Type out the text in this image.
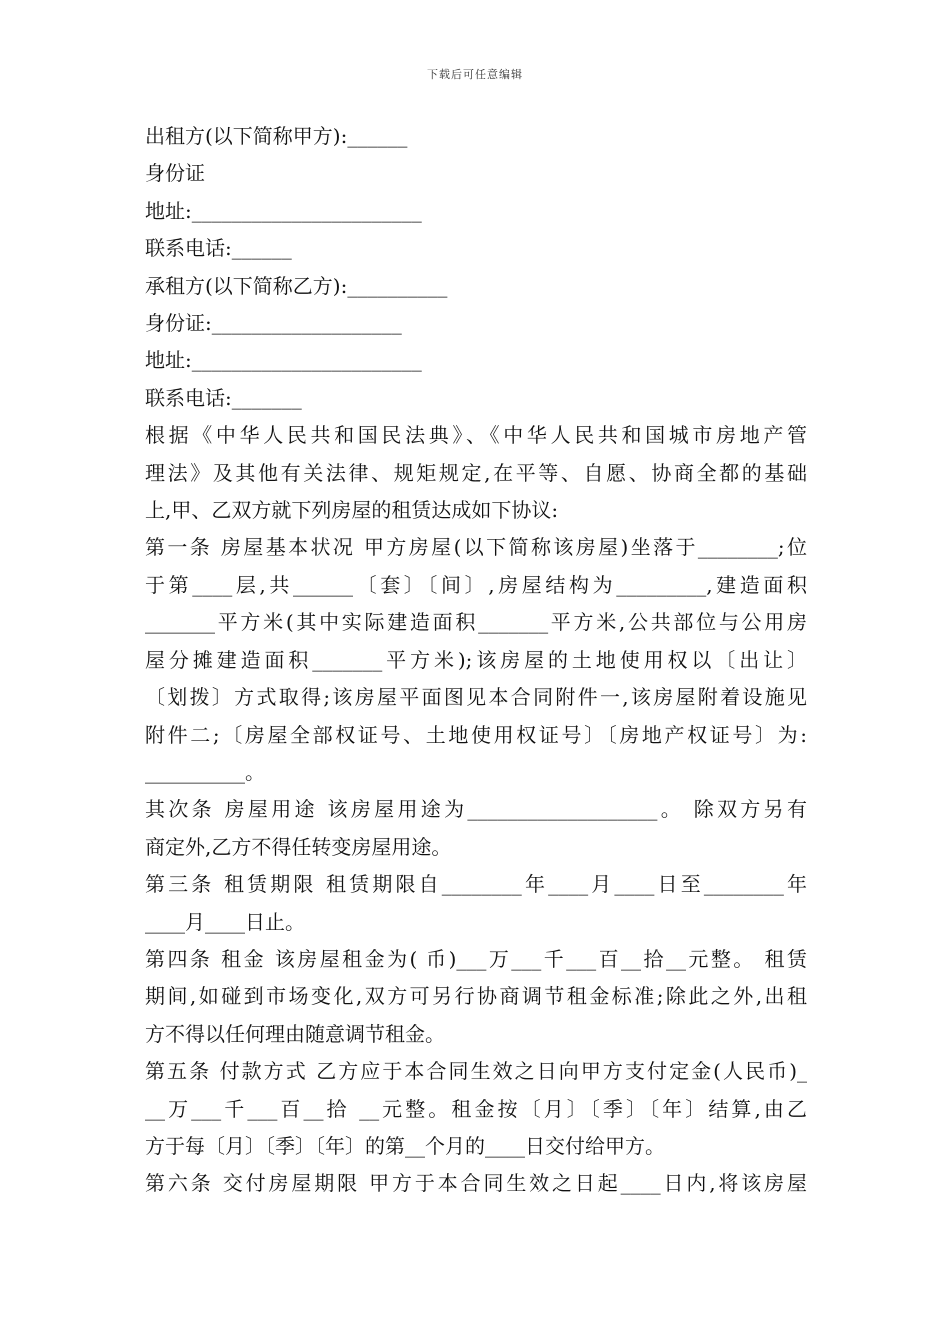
下载后可任意编辑
出租方(以下简称甲方):______
身份证
地址:_______________________
联系电话:______
承租方(以下简称乙方):__________
身份证:___________________
地址:_______________________
联系电话:_______
根据《中华人民共和国民法典》、《中华人民共和国城市房地产管
理法》及其他有关法律、规矩规定,在平等、自愿、协商全都的基础
上,甲、乙双方就下列房屋的租赁达成如下协议:
第一条 房屋基本状况 甲方房屋(以下简称该房屋)坐落于________;位
于第____层,共______〔套〕〔间〕,房屋结构为_________,建造面积
_______平方米(其中实际建造面积_______平方米,公共部位与公用房
屋分摊建造面积_______平方米);该房屋的土地使用权以〔出让〕
〔划拨〕方式取得;该房屋平面图见本合同附件一,该房屋附着设施见
附件二;〔房屋全部权证号、土地使用权证号〕〔房地产权证号〕为:
__________。
其次条 房屋用途 该房屋用途为___________________。 除双方另有
商定外,乙方不得任转变房屋用途。
第三条 租赁期限 租赁期限自________年____月____日至________年
____月____日止。
第四条 租金 该房屋租金为( 币)___万___千___百__拾__元整。 租赁
期间,如碰到市场变化,双方可另行协商调节租金标准;除此之外,出租
方不得以任何理由随意调节租金。
第五条 付款方式 乙方应于本合同生效之日向甲方支付定金(人民币)_
__万___千___百__拾 __元整。租金按〔月〕〔季〕〔年〕结算,由乙
方于每〔月〕〔季〕〔年〕的第__个月的____日交付给甲方。
第六条 交付房屋期限 甲方于本合同生效之日起____日内,将该房屋
